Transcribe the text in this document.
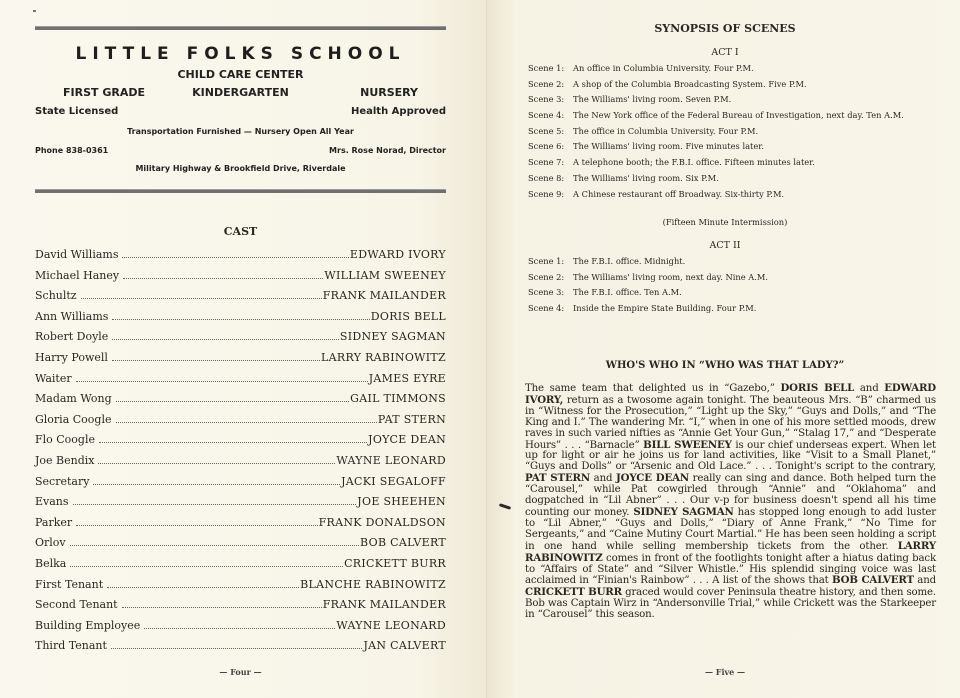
LITTLE FOLKS SCHOOL
CHILD CARE CENTER
FIRST GRADE	KINDERGARTEN	NURSERY
State Licensed	Health Approved
Transportation Furnished — Nursery Open All Year
Phone 838-0361	Mrs. Rose Norad, Director
Military Highway & Brookfield Drive, Riverdale
CAST
David Williams	EDWARD IVORY
Michael Haney	WILLIAM SWEENEY
Schultz	FRANK MAILANDER
Ann Williams	DORIS BELL
Robert Doyle	SIDNEY SAGMAN
Harry Powell	LARRY RABINOWITZ
Waiter	JAMES EYRE
Madam Wong	GAIL TIMMONS
Gloria Coogle	PAT STERN
Flo Coogle	JOYCE DEAN
Joe Bendix	WAYNE LEONARD
Secretary	JACKI SEGALOFF
Evans	JOE SHEEHEN
Parker	FRANK DONALDSON
Orlov	BOB CALVERT
Belka	CRICKETT BURR
First Tenant	BLANCHE RABINOWITZ
Second Tenant	FRANK MAILANDER
Building Employee	WAYNE LEONARD
Third Tenant	JAN CALVERT
— Four —
SYNOPSIS OF SCENES
ACT I
Scene 1: An office in Columbia University. Four P.M.
Scene 2: A shop of the Columbia Broadcasting System. Five P.M.
Scene 3: The Williams' living room. Seven P.M.
Scene 4: The New York office of the Federal Bureau of Investigation, next day. Ten A.M.
Scene 5: The office in Columbia University. Four P.M.
Scene 6: The Williams' living room. Five minutes later.
Scene 7: A telephone booth; the F.B.I. office. Fifteen minutes later.
Scene 8: The Williams' living room. Six P.M.
Scene 9: A Chinese restaurant off Broadway. Six-thirty P.M.
(Fifteen Minute Intermission)
ACT II
Scene 1: The F.B.I. office. Midnight.
Scene 2: The Williams' living room, next day. Nine A.M.
Scene 3: The F.B.I. office. Ten A.M.
Scene 4: Inside the Empire State Building. Four P.M.
WHO'S WHO IN “WHO WAS THAT LADY?”
The same team that delighted us in “Gazebo,” DORIS BELL and EDWARD IVORY, return as a twosome again tonight. The beauteous Mrs. “B” charmed us in “Witness for the Prosecution,” “Light up the Sky,” “Guys and Dolls,” and “The King and I.” The wandering Mr. “I,” when in one of his more settled moods, drew raves in such varied nifties as “Annie Get Your Gun,” “Stalag 17,” and “Desperate Hours” . . . “Barnacle” BILL SWEENEY is our chief underseas expert. When let up for light or air he joins us for land activities, like “Visit to a Small Planet,” “Guys and Dolls” or “Arsenic and Old Lace.” . . . Tonight's script to the contrary, PAT STERN and JOYCE DEAN really can sing and dance. Both helped turn the “Carousel,” while Pat cowgirled through “Annie” and “Oklahoma” and dogpatched in “Lil Abner” . . . Our v-p for business doesn't spend all his time counting our money. SIDNEY SAGMAN has stopped long enough to add luster to “Lil Abner,” “Guys and Dolls,” “Diary of Anne Frank,” “No Time for Sergeants,” and “Caine Mutiny Court Martial.” He has been seen holding a script in one hand while selling membership tickets from the other. LARRY RABINOWITZ comes in front of the footlights tonight after a hiatus dating back to “Affairs of State” and “Silver Whistle.” His splendid singing voice was last acclaimed in “Finian's Rainbow” . . . A list of the shows that BOB CALVERT and CRICKETT BURR graced would cover Peninsula theatre history, and then some. Bob was Captain Wirz in “Andersonville Trial,” while Crickett was the Starkeeper in “Carousel” this season.
— Five —
